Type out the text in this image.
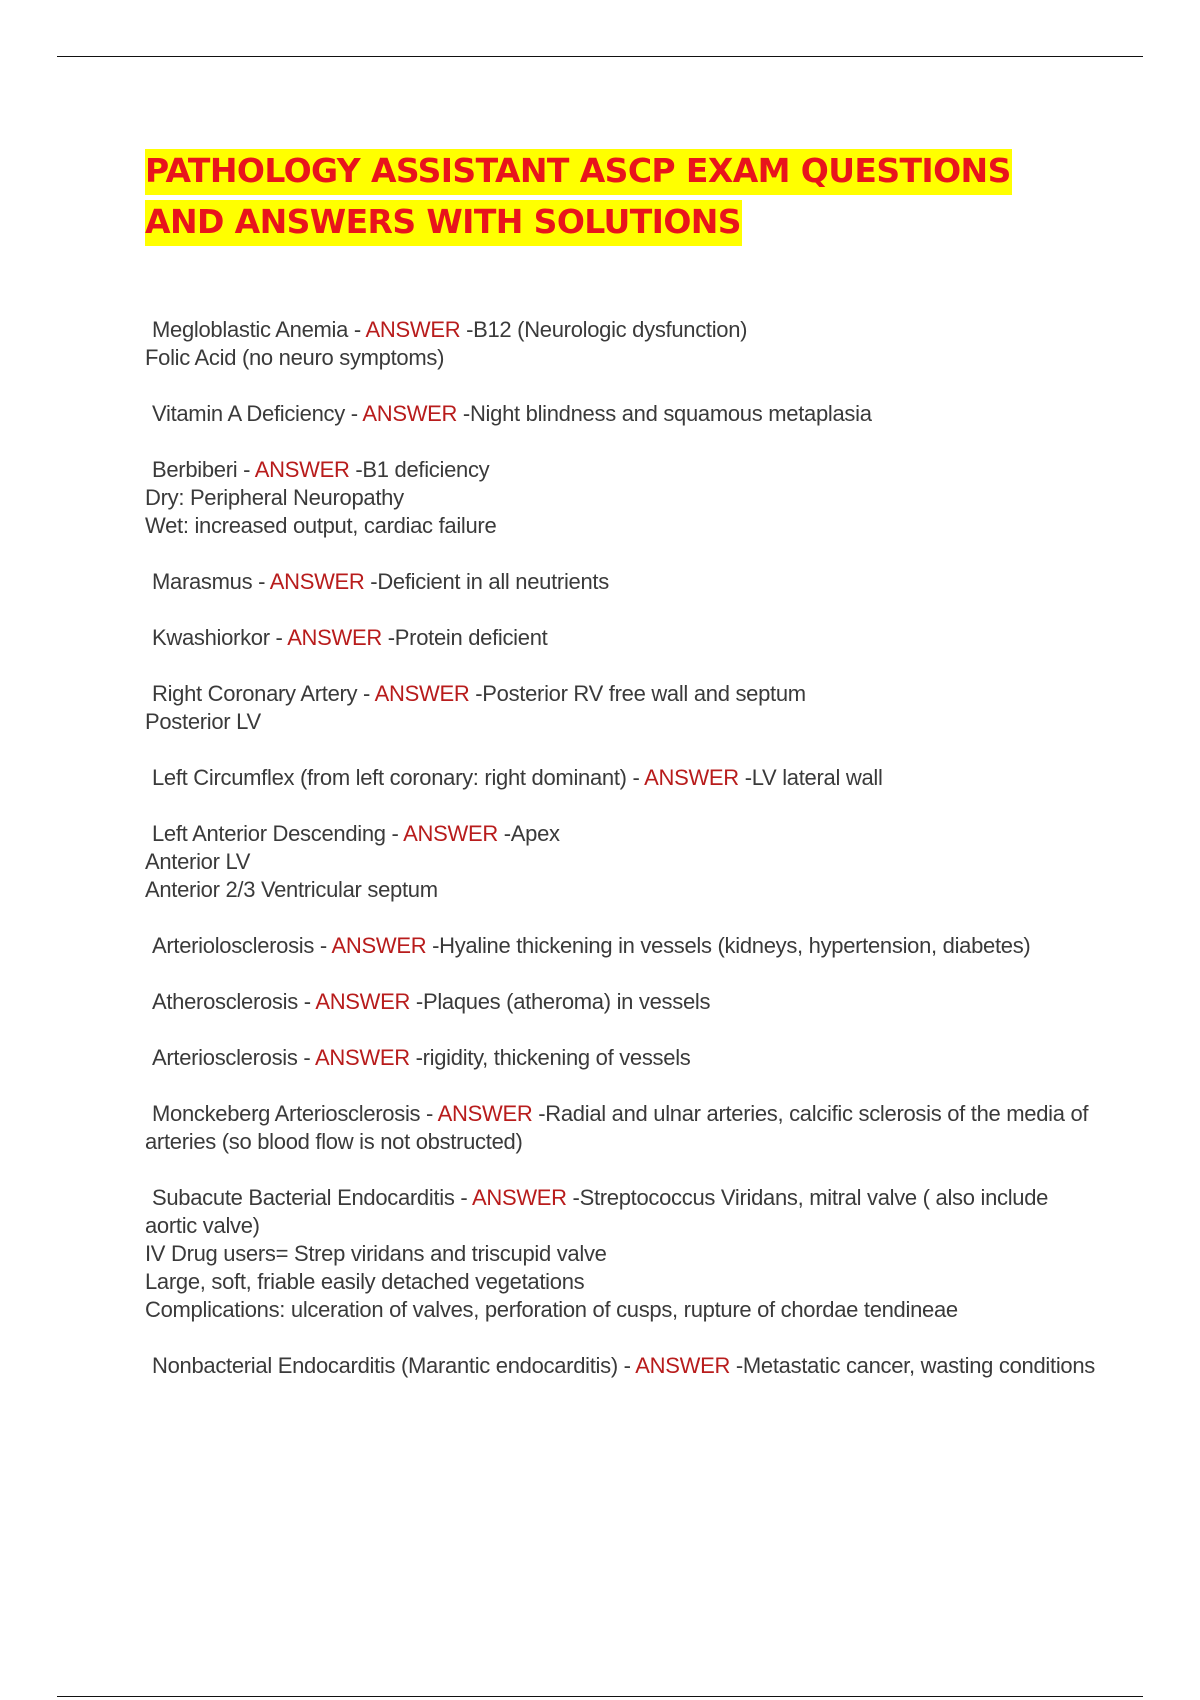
PATHOLOGY ASSISTANT ASCP EXAM QUESTIONS
AND ANSWERS WITH SOLUTIONS

Megloblastic Anemia - ANSWER -B12 (Neurologic dysfunction)
Folic Acid (no neuro symptoms)

Vitamin A Deficiency - ANSWER -Night blindness and squamous metaplasia

Berbiberi - ANSWER -B1 deficiency
Dry: Peripheral Neuropathy
Wet: increased output, cardiac failure

Marasmus - ANSWER -Deficient in all neutrients

Kwashiorkor - ANSWER -Protein deficient

Right Coronary Artery - ANSWER -Posterior RV free wall and septum
Posterior LV

Left Circumflex (from left coronary: right dominant) - ANSWER -LV lateral wall

Left Anterior Descending - ANSWER -Apex
Anterior LV
Anterior 2/3 Ventricular septum

Arteriolosclerosis - ANSWER -Hyaline thickening in vessels (kidneys, hypertension, diabetes)

Atherosclerosis - ANSWER -Plaques (atheroma) in vessels

Arteriosclerosis - ANSWER -rigidity, thickening of vessels

Monckeberg Arteriosclerosis - ANSWER -Radial and ulnar arteries, calcific sclerosis of the media of arteries (so blood flow is not obstructed)

Subacute Bacterial Endocarditis - ANSWER -Streptococcus Viridans, mitral valve ( also include aortic valve)
IV Drug users= Strep viridans and triscupid valve
Large, soft, friable easily detached vegetations
Complications: ulceration of valves, perforation of cusps, rupture of chordae tendineae

Nonbacterial Endocarditis (Marantic endocarditis) - ANSWER -Metastatic cancer, wasting conditions
